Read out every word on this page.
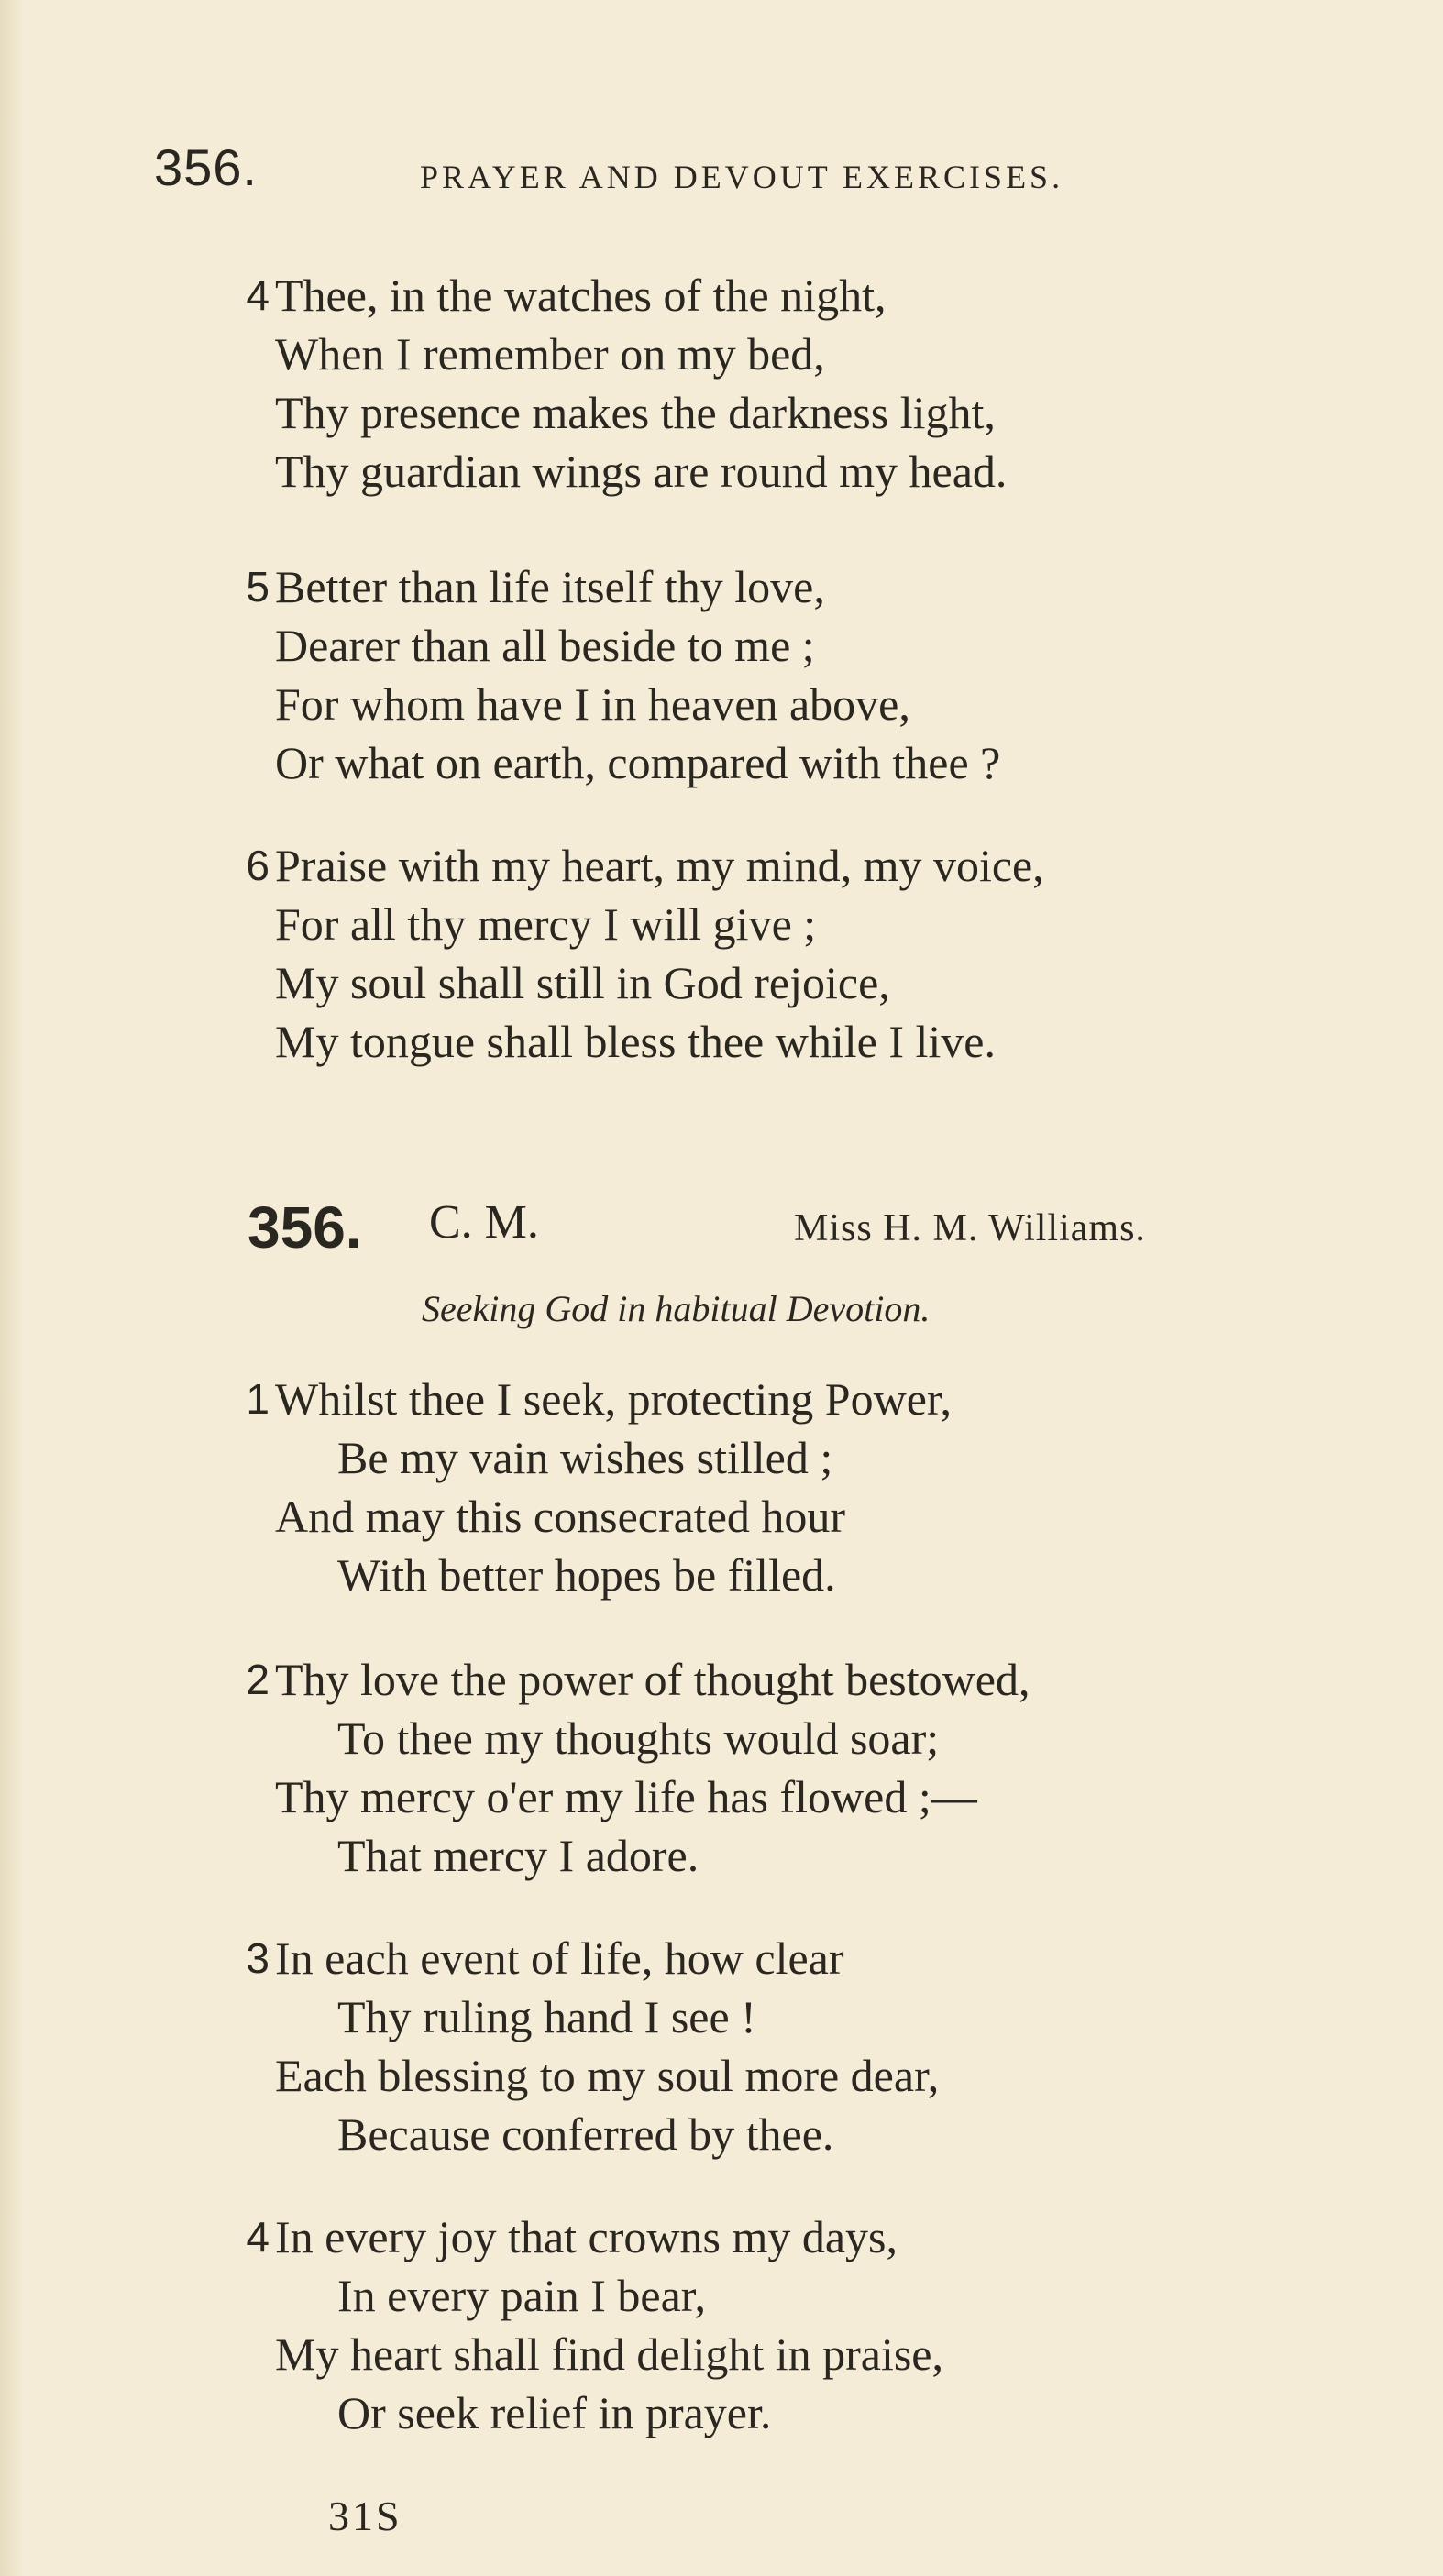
356.	PRAYER AND DEVOUT EXERCISES.
4 Thee, in the watches of the night,
When I remember on my bed,
Thy presence makes the darkness light,
Thy guardian wings are round my head.
5 Better than life itself thy love,
Dearer than all beside to me ;
For whom have I in heaven above,
Or what on earth, compared with thee ?
6 Praise with my heart, my mind, my voice,
For all thy mercy I will give ;
My soul shall still in God rejoice,
My tongue shall bless thee while I live.
356. C. M.	Miss H. M. Williams.
Seeking God in habitual Devotion.
1 Whilst thee I seek, protecting Power,
Be my vain wishes stilled ;
And may this consecrated hour
With better hopes be filled.
2 Thy love the power of thought bestowed,
To thee my thoughts would soar;
Thy mercy o'er my life has flowed ;—
That mercy I adore.
3 In each event of life, how clear
Thy ruling hand I see !
Each blessing to my soul more dear,
Because conferred by thee.
4 In every joy that crowns my days,
In every pain I bear,
My heart shall find delight in praise,
Or seek relief in prayer.
31S
